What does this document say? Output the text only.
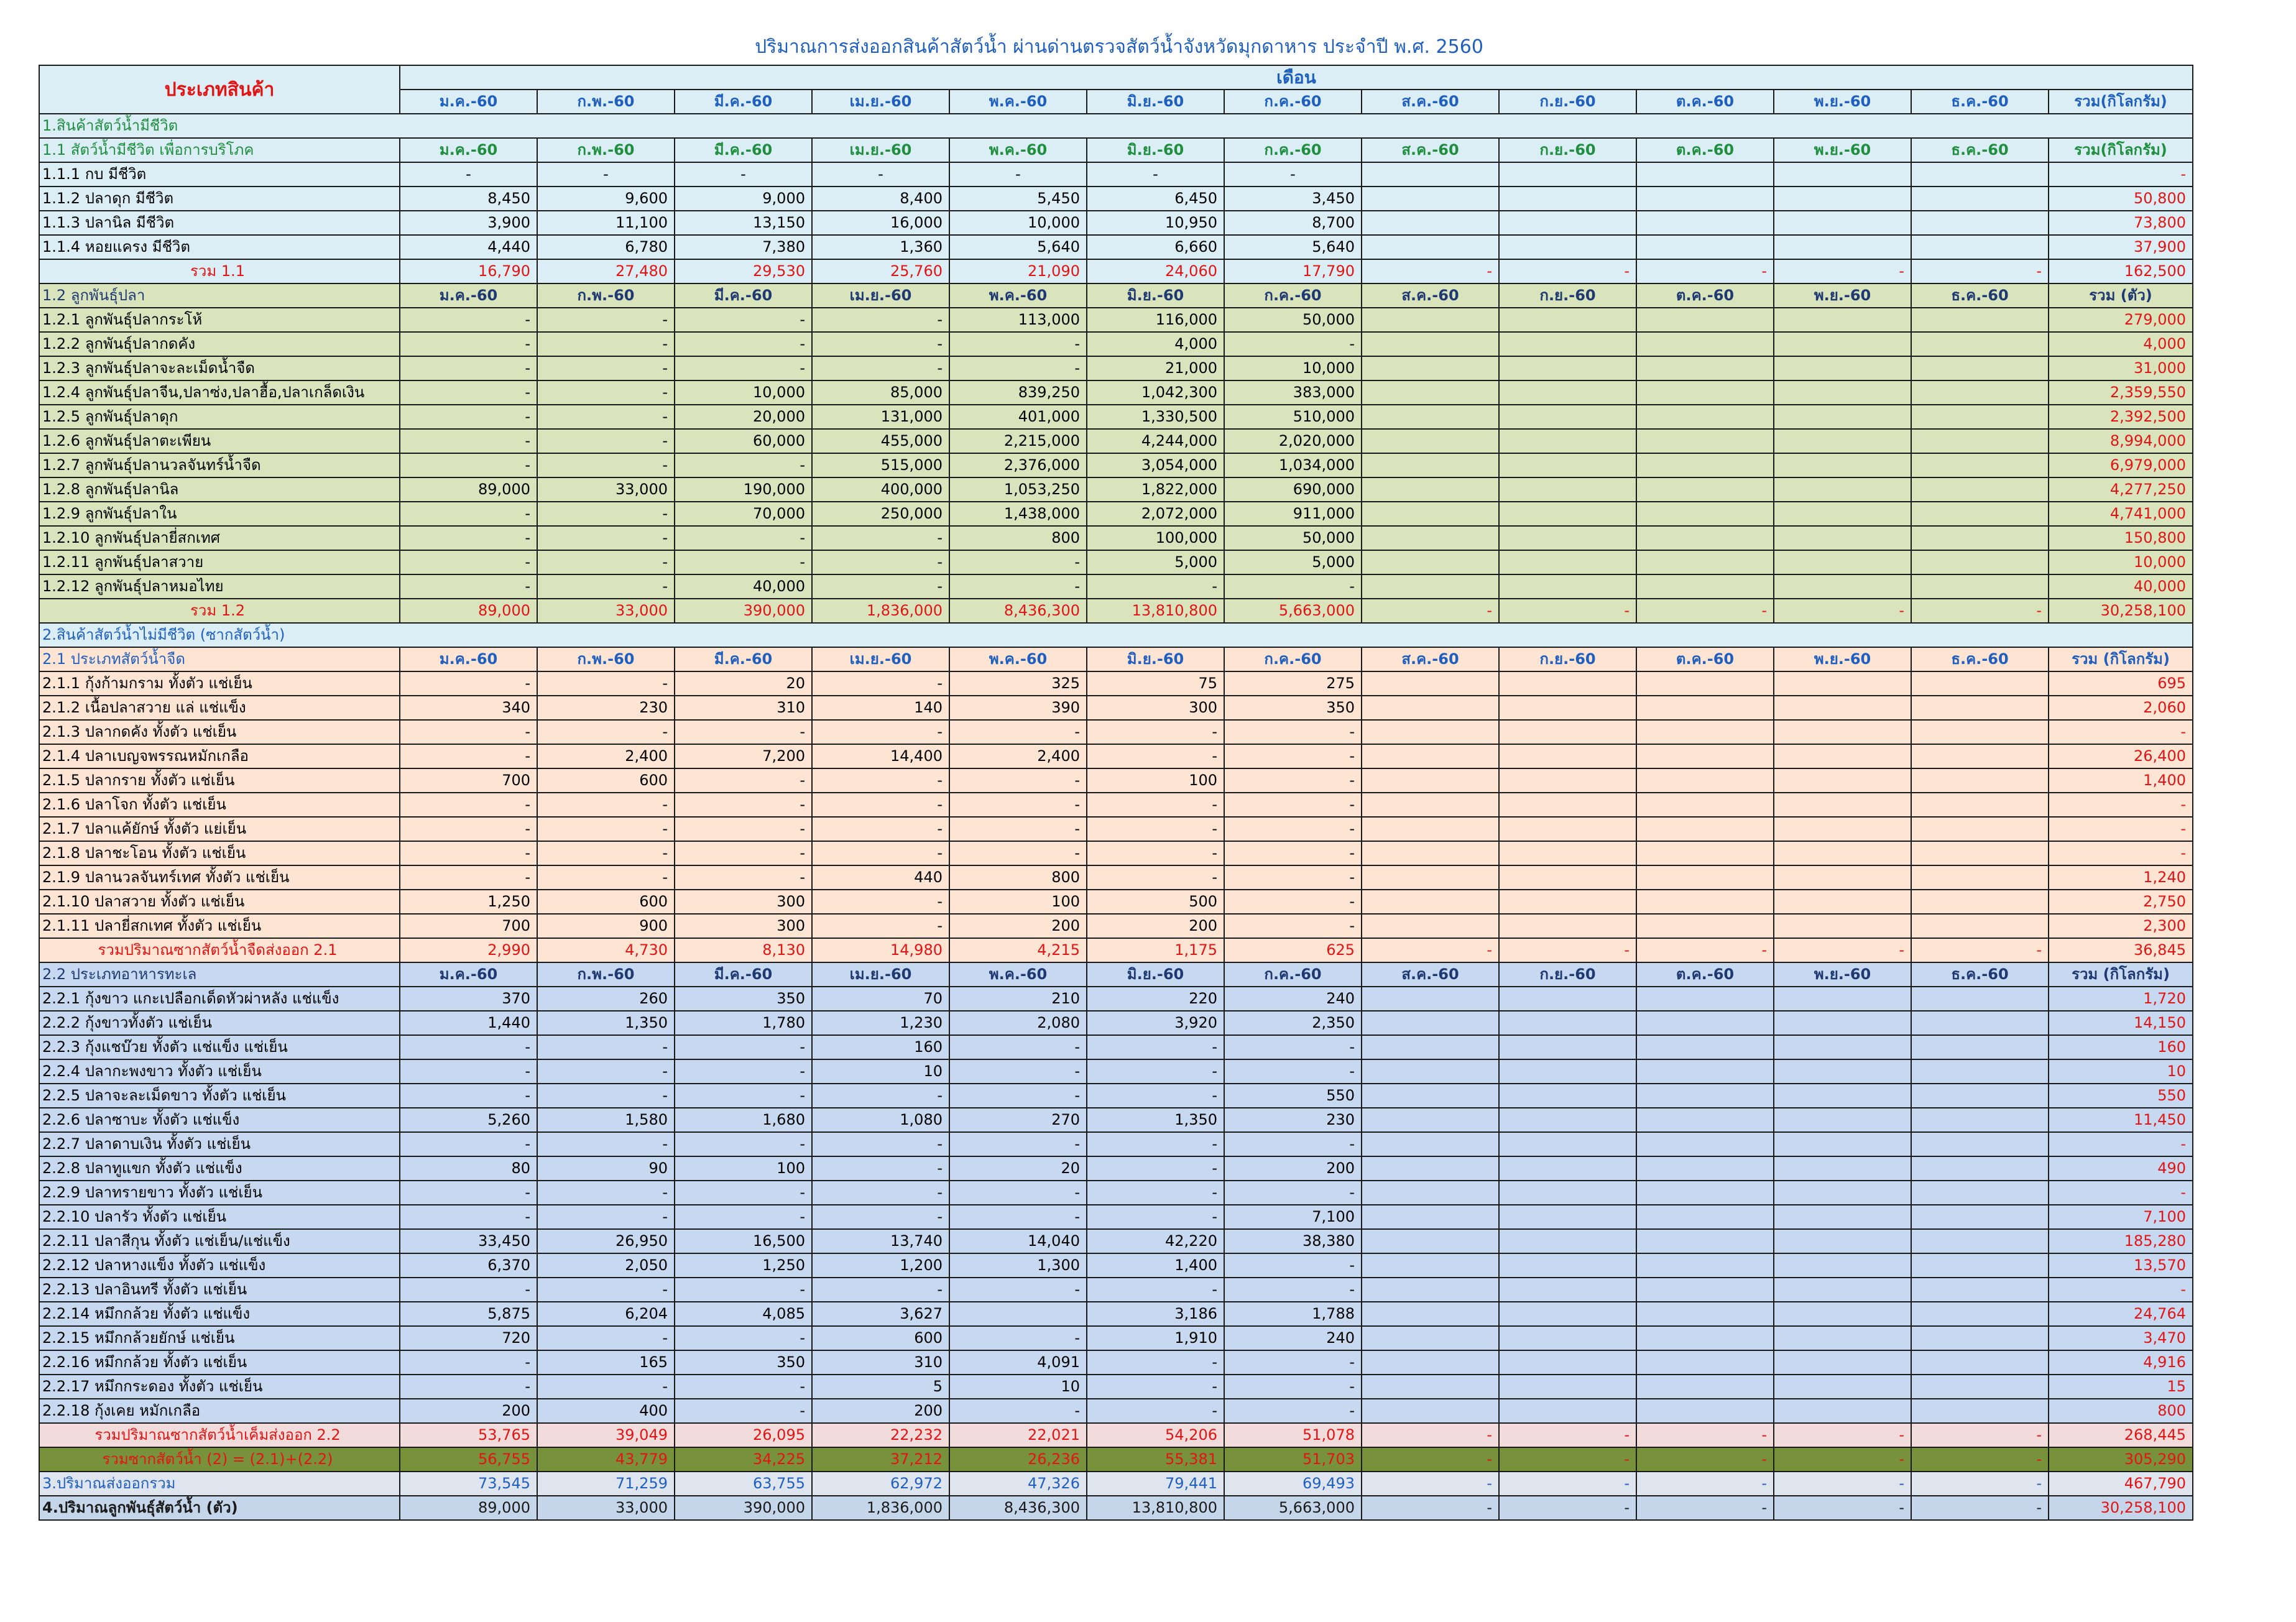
ปริมาณการส่งออกสินค้าสัตว์น้ำ ผ่านด่านตรวจสัตว์น้ำจังหวัดมุกดาหาร ประจำปี พ.ศ. 2560
ประเภทสินค้า	เดือน												
	ม.ค.-60	ก.พ.-60	มี.ค.-60	เม.ย.-60	พ.ค.-60	มิ.ย.-60	ก.ค.-60	ส.ค.-60	ก.ย.-60	ต.ค.-60	พ.ย.-60	ธ.ค.-60	รวม(กิโลกรัม)
1.สินค้าสัตว์น้ำมีชีวิต													
1.1 สัตว์น้ำมีชีวิต เพื่อการบริโภค	ม.ค.-60	ก.พ.-60	มี.ค.-60	เม.ย.-60	พ.ค.-60	มิ.ย.-60	ก.ค.-60	ส.ค.-60	ก.ย.-60	ต.ค.-60	พ.ย.-60	ธ.ค.-60	รวม(กิโลกรัม)
1.1.1 กบ มีชีวิต	-	-	-	-	-	-	-						-
1.1.2 ปลาดุก มีชีวิต	8,450	9,600	9,000	8,400	5,450	6,450	3,450						50,800
1.1.3 ปลานิล มีชีวิต	3,900	11,100	13,150	16,000	10,000	10,950	8,700						73,800
1.1.4 หอยแครง มีชีวิต	4,440	6,780	7,380	1,360	5,640	6,660	5,640						37,900
รวม 1.1	16,790	27,480	29,530	25,760	21,090	24,060	17,790	-	-	-	-	-	162,500
1.2 ลูกพันธุ์ปลา	ม.ค.-60	ก.พ.-60	มี.ค.-60	เม.ย.-60	พ.ค.-60	มิ.ย.-60	ก.ค.-60	ส.ค.-60	ก.ย.-60	ต.ค.-60	พ.ย.-60	ธ.ค.-60	รวม (ตัว)
1.2.1 ลูกพันธุ์ปลากระโห้	-	-	-	-	113,000	116,000	50,000						279,000
1.2.2 ลูกพันธุ์ปลากดคัง	-	-	-	-	-	4,000	-						4,000
1.2.3 ลูกพันธุ์ปลาจะละเม็ดน้ำจืด	-	-	-	-	-	21,000	10,000						31,000
1.2.4 ลูกพันธุ์ปลาจีน,ปลาซ่ง,ปลาฮื้อ,ปลาเกล็ดเงิน	-	-	10,000	85,000	839,250	1,042,300	383,000						2,359,550
1.2.5 ลูกพันธุ์ปลาดุก	-	-	20,000	131,000	401,000	1,330,500	510,000						2,392,500
1.2.6 ลูกพันธุ์ปลาตะเพียน	-	-	60,000	455,000	2,215,000	4,244,000	2,020,000						8,994,000
1.2.7 ลูกพันธุ์ปลานวลจันทร์น้ำจืด	-	-	-	515,000	2,376,000	3,054,000	1,034,000						6,979,000
1.2.8 ลูกพันธุ์ปลานิล	89,000	33,000	190,000	400,000	1,053,250	1,822,000	690,000						4,277,250
1.2.9 ลูกพันธุ์ปลาใน	-	-	70,000	250,000	1,438,000	2,072,000	911,000						4,741,000
1.2.10 ลูกพันธุ์ปลายี่สกเทศ	-	-	-	-	800	100,000	50,000						150,800
1.2.11 ลูกพันธุ์ปลาสวาย	-	-	-	-	-	5,000	5,000						10,000
1.2.12 ลูกพันธุ์ปลาหมอไทย	-	-	40,000	-	-	-	-						40,000
รวม 1.2	89,000	33,000	390,000	1,836,000	8,436,300	13,810,800	5,663,000	-	-	-	-	-	30,258,100
2.สินค้าสัตว์น้ำไม่มีชีวิต (ซากสัตว์น้ำ)													
2.1 ประเภทสัตว์น้ำจืด	ม.ค.-60	ก.พ.-60	มี.ค.-60	เม.ย.-60	พ.ค.-60	มิ.ย.-60	ก.ค.-60	ส.ค.-60	ก.ย.-60	ต.ค.-60	พ.ย.-60	ธ.ค.-60	รวม (กิโลกรัม)
2.1.1 กุ้งก้ามกราม ทั้งตัว แช่เย็น	-	-	20	-	325	75	275						695
2.1.2 เนื้อปลาสวาย แล่ แช่แข็ง	340	230	310	140	390	300	350						2,060
2.1.3 ปลากดคัง ทั้งตัว แช่เย็น	-	-	-	-	-	-	-						-
2.1.4 ปลาเบญจพรรณหมักเกลือ	-	2,400	7,200	14,400	2,400	-	-						26,400
2.1.5 ปลากราย ทั้งตัว แช่เย็น	700	600	-	-	-	100	-						1,400
2.1.6 ปลาโจก ทั้งตัว แช่เย็น	-	-	-	-	-	-	-						-
2.1.7 ปลาแค้ยักษ์ ทั้งตัว แย่เย็น	-	-	-	-	-	-	-						-
2.1.8 ปลาชะโอน ทั้งตัว แช่เย็น	-	-	-	-	-	-	-						-
2.1.9 ปลานวลจันทร์เทศ ทั้งตัว แช่เย็น	-	-	-	440	800	-	-						1,240
2.1.10 ปลาสวาย ทั้งตัว แช่เย็น	1,250	600	300	-	100	500	-						2,750
2.1.11 ปลายี่สกเทศ ทั้งตัว แช่เย็น	700	900	300	-	200	200	-						2,300
รวมปริมาณซากสัตว์น้ำจืดส่งออก 2.1	2,990	4,730	8,130	14,980	4,215	1,175	625	-	-	-	-	-	36,845
2.2 ประเภทอาหารทะเล	ม.ค.-60	ก.พ.-60	มี.ค.-60	เม.ย.-60	พ.ค.-60	มิ.ย.-60	ก.ค.-60	ส.ค.-60	ก.ย.-60	ต.ค.-60	พ.ย.-60	ธ.ค.-60	รวม (กิโลกรัม)
2.2.1 กุ้งขาว แกะเปลือกเด็ดหัวผ่าหลัง แช่แข็ง	370	260	350	70	210	220	240						1,720
2.2.2 กุ้งขาวทั้งตัว แช่เย็น	1,440	1,350	1,780	1,230	2,080	3,920	2,350						14,150
2.2.3 กุ้งแชบ๊วย ทั้งตัว แช่แข็ง แช่เย็น	-	-	-	160	-	-	-						160
2.2.4 ปลากะพงขาว ทั้งตัว แช่เย็น	-	-	-	10	-	-	-						10
2.2.5 ปลาจะละเม็ดขาว ทั้งตัว แช่เย็น	-	-	-	-	-	-	550						550
2.2.6 ปลาซาบะ ทั้งตัว แช่แข็ง	5,260	1,580	1,680	1,080	270	1,350	230						11,450
2.2.7 ปลาดาบเงิน ทั้งตัว แช่เย็น	-	-	-	-	-	-	-						-
2.2.8 ปลาทูแขก ทั้งตัว แช่แข็ง	80	90	100	-	20	-	200						490
2.2.9 ปลาทรายขาว ทั้งตัว แช่เย็น	-	-	-	-	-	-	-						-
2.2.10 ปลารัว ทั้งตัว แช่เย็น	-	-	-	-	-	-	7,100						7,100
2.2.11 ปลาสีกุน ทั้งตัว แช่เย็น/แช่แข็ง	33,450	26,950	16,500	13,740	14,040	42,220	38,380						185,280
2.2.12 ปลาหางแข็ง ทั้งตัว แช่แข็ง	6,370	2,050	1,250	1,200	1,300	1,400	-						13,570
2.2.13 ปลาอินทรี ทั้งตัว แช่เย็น	-	-	-	-	-	-	-						-
2.2.14 หมึกกล้วย ทั้งตัว แช่แข็ง	5,875	6,204	4,085	3,627		3,186	1,788						24,764
2.2.15 หมึกกล้วยยักษ์ แช่เย็น	720	-	-	600	-	1,910	240						3,470
2.2.16 หมึกกล้วย ทั้งตัว แช่เย็น	-	165	350	310	4,091	-	-						4,916
2.2.17 หมึกกระดอง ทั้งตัว แช่เย็น	-	-	-	5	10	-	-						15
2.2.18 กุ้งเคย หมักเกลือ	200	400	-	200	-	-	-						800
รวมปริมาณซากสัตว์น้ำเค็มส่งออก 2.2	53,765	39,049	26,095	22,232	22,021	54,206	51,078	-	-	-	-	-	268,445
รวมซากสัตว์น้ำ (2) = (2.1)+(2.2)	56,755	43,779	34,225	37,212	26,236	55,381	51,703	-	-	-	-	-	305,290
3.ปริมาณส่งออกรวม	73,545	71,259	63,755	62,972	47,326	79,441	69,493	-	-	-	-	-	467,790
4.ปริมาณลูกพันธุ์สัตว์น้ำ (ตัว)	89,000	33,000	390,000	1,836,000	8,436,300	13,810,800	5,663,000	-	-	-	-	-	30,258,100
